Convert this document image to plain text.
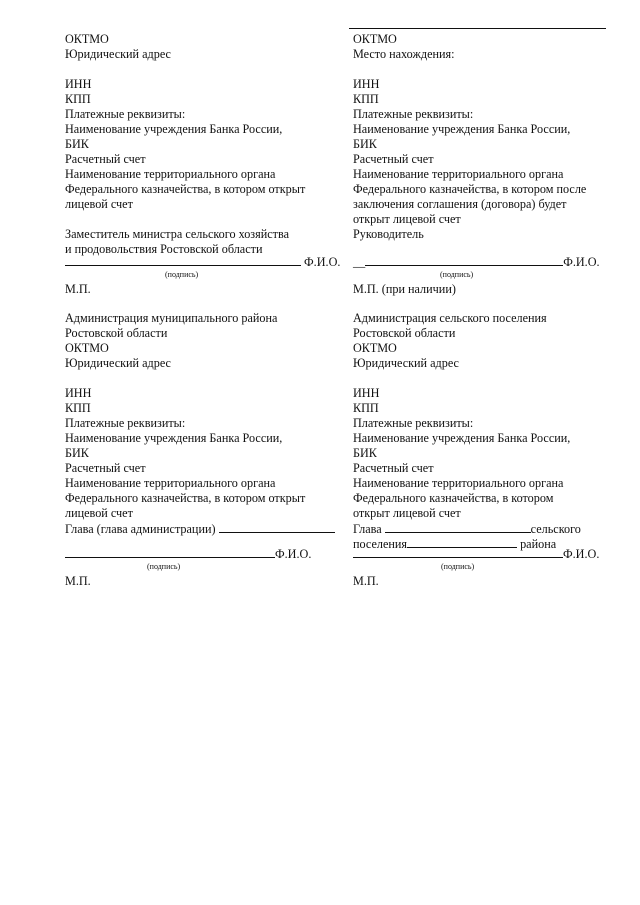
ОКТМО
Юридический адрес
ИНН
КПП
Платежные реквизиты:
Наименование учреждения Банка России,
БИК
Расчетный счет
Наименование территориального органа
Федерального казначейства, в котором открыт
лицевой счет
Заместитель министра сельского хозяйства
и продовольствия Ростовской области
Ф.И.О.
(подпись)
М.П.
ОКТМО
Место нахождения:
ИНН
КПП
Платежные реквизиты:
Наименование учреждения Банка России,
БИК
Расчетный счет
Наименование территориального органа
Федерального казначейства, в котором после
заключения соглашения (договора) будет
открыт лицевой счет
Руководитель
__	Ф.И.О.
(подпись)
М.П. (при наличии)
Администрация муниципального района
Ростовской области
ОКТМО
Юридический адрес
ИНН
КПП
Платежные реквизиты:
Наименование учреждения Банка России,
БИК
Расчетный счет
Наименование территориального органа
Федерального казначейства, в котором открыт
лицевой счет
Глава (глава администрации)
Ф.И.О.
(подпись)
М.П.
Администрация сельского поселения
Ростовской области
ОКТМО
Юридический адрес
ИНН
КПП
Платежные реквизиты:
Наименование учреждения Банка России,
БИК
Расчетный счет
Наименование территориального органа
Федерального казначейства, в котором
открыт лицевой счет
Глава	сельского
поселения	района
Ф.И.О.
(подпись)
М.П.
